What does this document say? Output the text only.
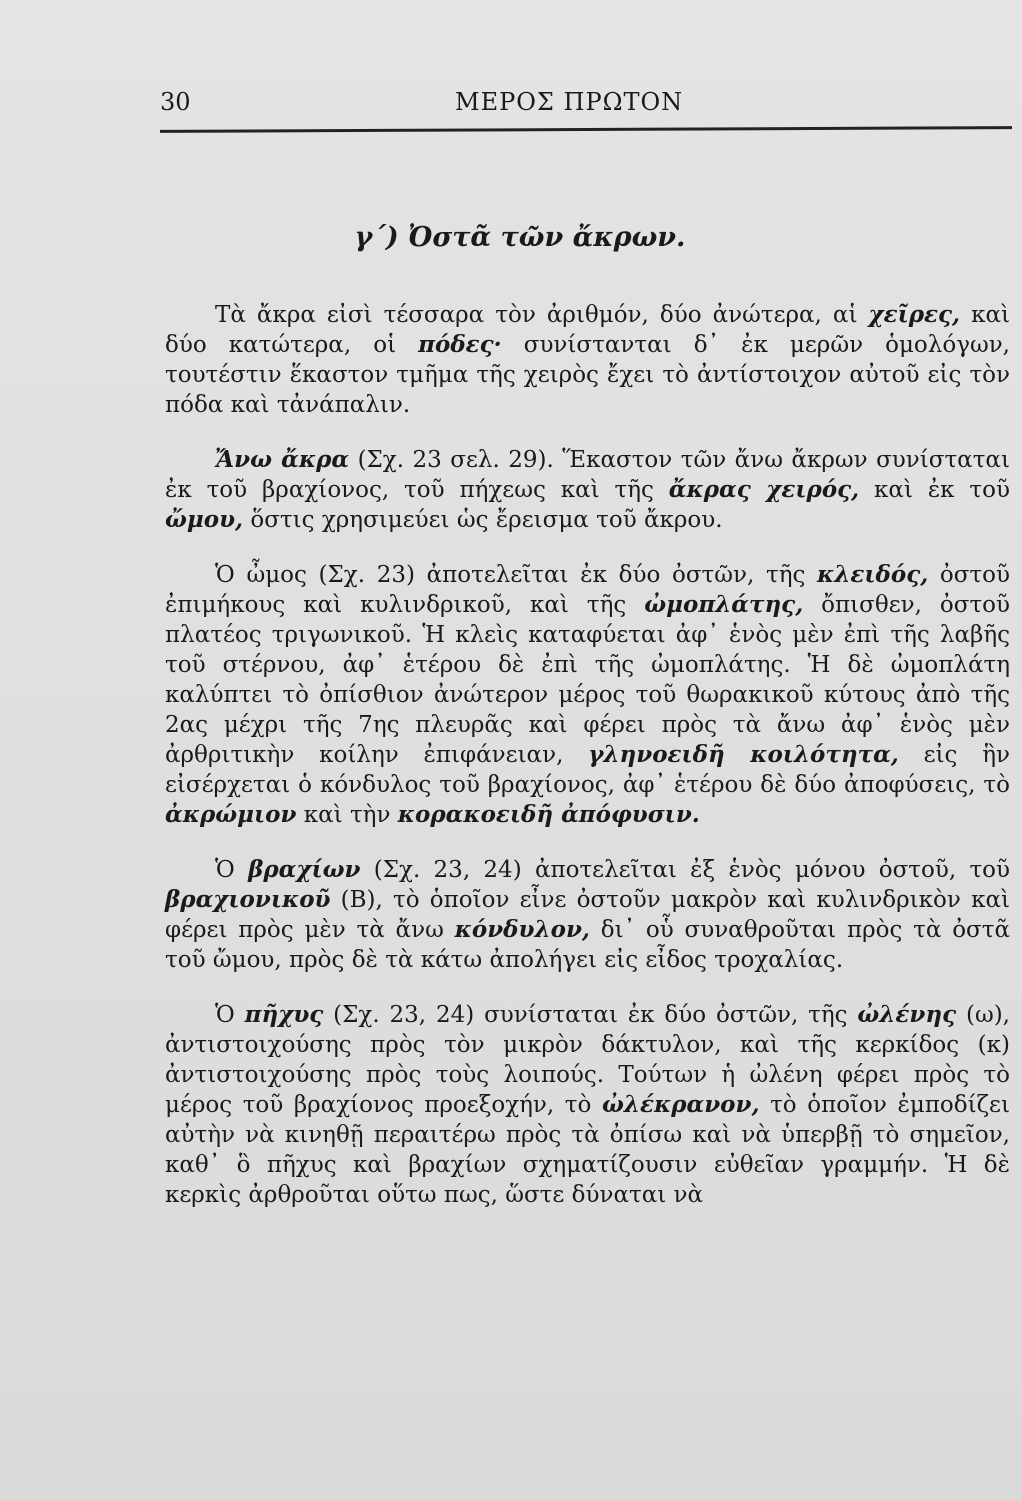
30	ΜΕΡΟΣ ΠΡΩΤΟΝ
γ΄) Ὀστᾶ τῶν ἄκρων.

Τὰ ἄκρα εἰσὶ τέσσαρα τὸν ἀριθμόν, δύο ἀνώτερα, αἱ χεῖρες, καὶ δύο κατώτερα, οἱ πόδες· συνίστανται δ᾿ ἐκ μερῶν ὁμολόγων, τουτέστιν ἕκαστον τμῆμα τῆς χειρὸς ἔχει τὸ ἀντίστοιχον αὐτοῦ εἰς τὸν πόδα καὶ τἀνάπαλιν.

Ἄνω ἄκρα (Σχ. 23 σελ. 29). Ἕκαστον τῶν ἄνω ἄκρων συνίσταται ἐκ τοῦ βραχίονος, τοῦ πήχεως καὶ τῆς ἄκρας χειρός, καὶ ἐκ τοῦ ὤμου, ὅστις χρησιμεύει ὡς ἔρεισμα τοῦ ἄκρου.

Ὁ ὦμος (Σχ. 23) ἀποτελεῖται ἐκ δύο ὀστῶν, τῆς κλειδός, ὀστοῦ ἐπιμήκους καὶ κυλινδρικοῦ, καὶ τῆς ὠμοπλάτης, ὄπισθεν, ὀστοῦ πλατέος τριγωνικοῦ. Ἡ κλεὶς καταφύεται ἀφ᾿ ἑνὸς μὲν ἐπὶ τῆς λαβῆς τοῦ στέρνου, ἀφ᾿ ἑτέρου δὲ ἐπὶ τῆς ὠμοπλάτης. Ἡ δὲ ὠμοπλάτη καλύπτει τὸ ὀπίσθιον ἀνώτερον μέρος τοῦ θωρακικοῦ κύτους ἀπὸ τῆς 2ας μέχρι τῆς 7ης πλευρᾶς καὶ φέρει πρὸς τὰ ἄνω ἀφ᾿ ἑνὸς μὲν ἀρθριτικὴν κοίλην ἐπιφάνειαν, γληνοειδῆ κοιλότητα, εἰς ἣν εἰσέρχεται ὁ κόνδυλος τοῦ βραχίονος, ἀφ᾿ ἑτέρου δὲ δύο ἀποφύσεις, τὸ ἀκρώμιον καὶ τὴν κορακοειδῆ ἀπόφυσιν.

Ὁ βραχίων (Σχ. 23, 24) ἀποτελεῖται ἐξ ἑνὸς μόνου ὀστοῦ, τοῦ βραχιονικοῦ (Β), τὸ ὁποῖον εἶνε ὀστοῦν μακρὸν καὶ κυλινδρικὸν καὶ φέρει πρὸς μὲν τὰ ἄνω κόνδυλον, δι᾿ οὗ συναθροῦται πρὸς τὰ ὀστᾶ τοῦ ὤμου, πρὸς δὲ τὰ κάτω ἀπολήγει εἰς εἶδος τροχαλίας.

Ὁ πῆχυς (Σχ. 23, 24) συνίσταται ἐκ δύο ὀστῶν, τῆς ὠλένης (ω), ἀντιστοιχούσης πρὸς τὸν μικρὸν δάκτυλον, καὶ τῆς κερκίδος (κ) ἀντιστοιχούσης πρὸς τοὺς λοιπούς. Τούτων ἡ ὠλένη φέρει πρὸς τὸ μέρος τοῦ βραχίονος προεξοχήν, τὸ ὠλέκρανον, τὸ ὁποῖον ἐμποδίζει αὐτὴν νὰ κινηθῇ περαιτέρω πρὸς τὰ ὀπίσω καὶ νὰ ὑπερβῇ τὸ σημεῖον, καθ᾿ ὃ πῆχυς καὶ βραχίων σχηματίζουσιν εὐθεῖαν γραμμήν. Ἡ δὲ κερκὶς ἀρθροῦται οὕτω πως, ὥστε δύναται νὰ
